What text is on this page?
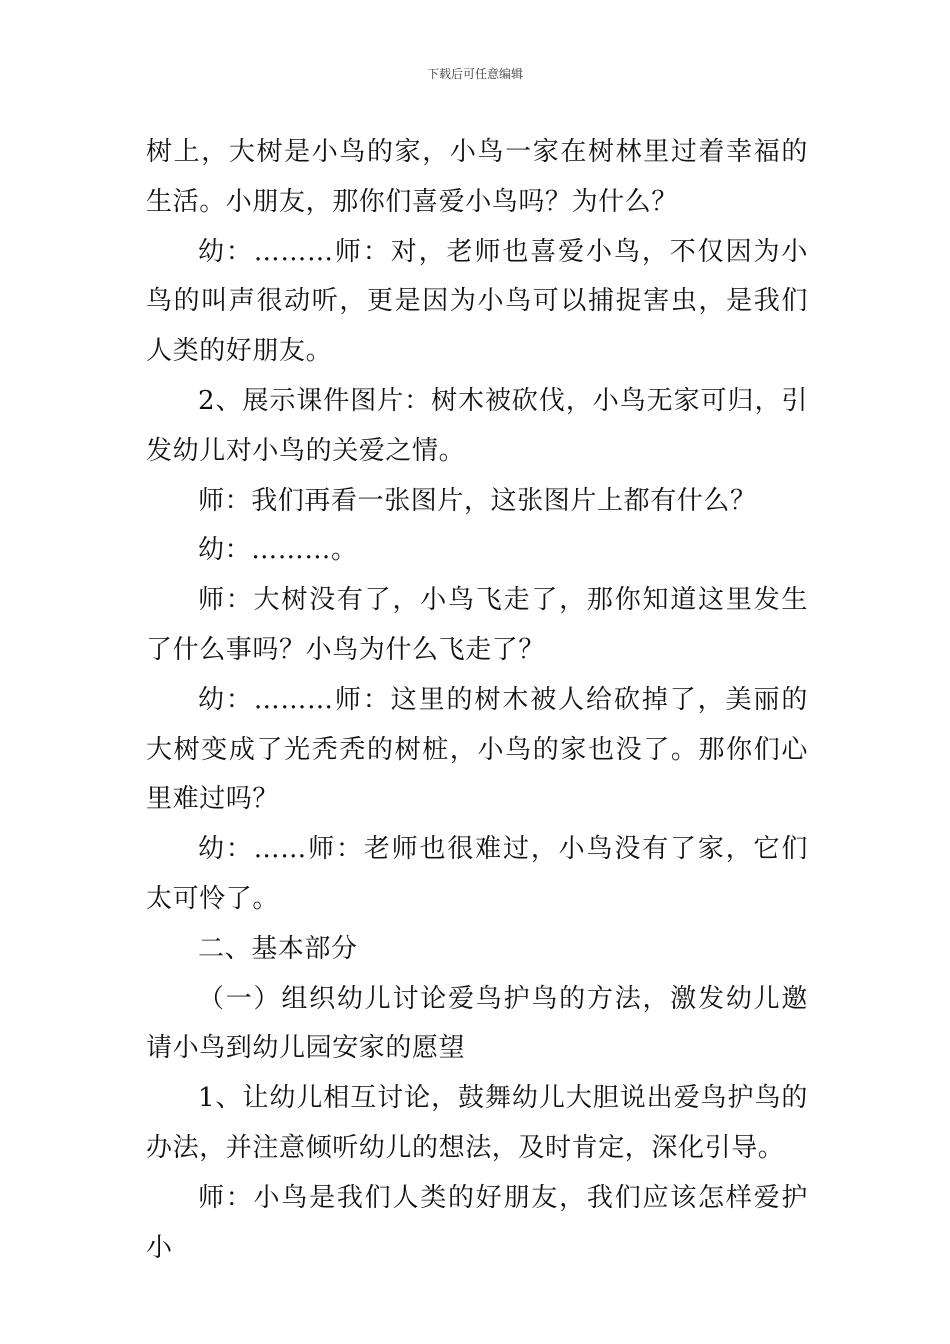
下载后可任意编辑

树上，大树是小鸟的家，小鸟一家在树林里过着幸福的生活。小朋友，那你们喜爱小鸟吗？为什么？

幼：………师：对，老师也喜爱小鸟，不仅因为小鸟的叫声很动听，更是因为小鸟可以捕捉害虫，是我们人类的好朋友。

2、展示课件图片：树木被砍伐，小鸟无家可归，引发幼儿对小鸟的关爱之情。

师：我们再看一张图片，这张图片上都有什么？

幼：………。

师：大树没有了，小鸟飞走了，那你知道这里发生了什么事吗？小鸟为什么飞走了？

幼：………师：这里的树木被人给砍掉了，美丽的大树变成了光秃秃的树桩，小鸟的家也没了。那你们心里难过吗？

幼：……师：老师也很难过，小鸟没有了家，它们太可怜了。

二、基本部分

（一）组织幼儿讨论爱鸟护鸟的方法，激发幼儿邀请小鸟到幼儿园安家的愿望

1、让幼儿相互讨论，鼓舞幼儿大胆说出爱鸟护鸟的办法，并注意倾听幼儿的想法，及时肯定，深化引导。

师：小鸟是我们人类的好朋友，我们应该怎样爱护小
